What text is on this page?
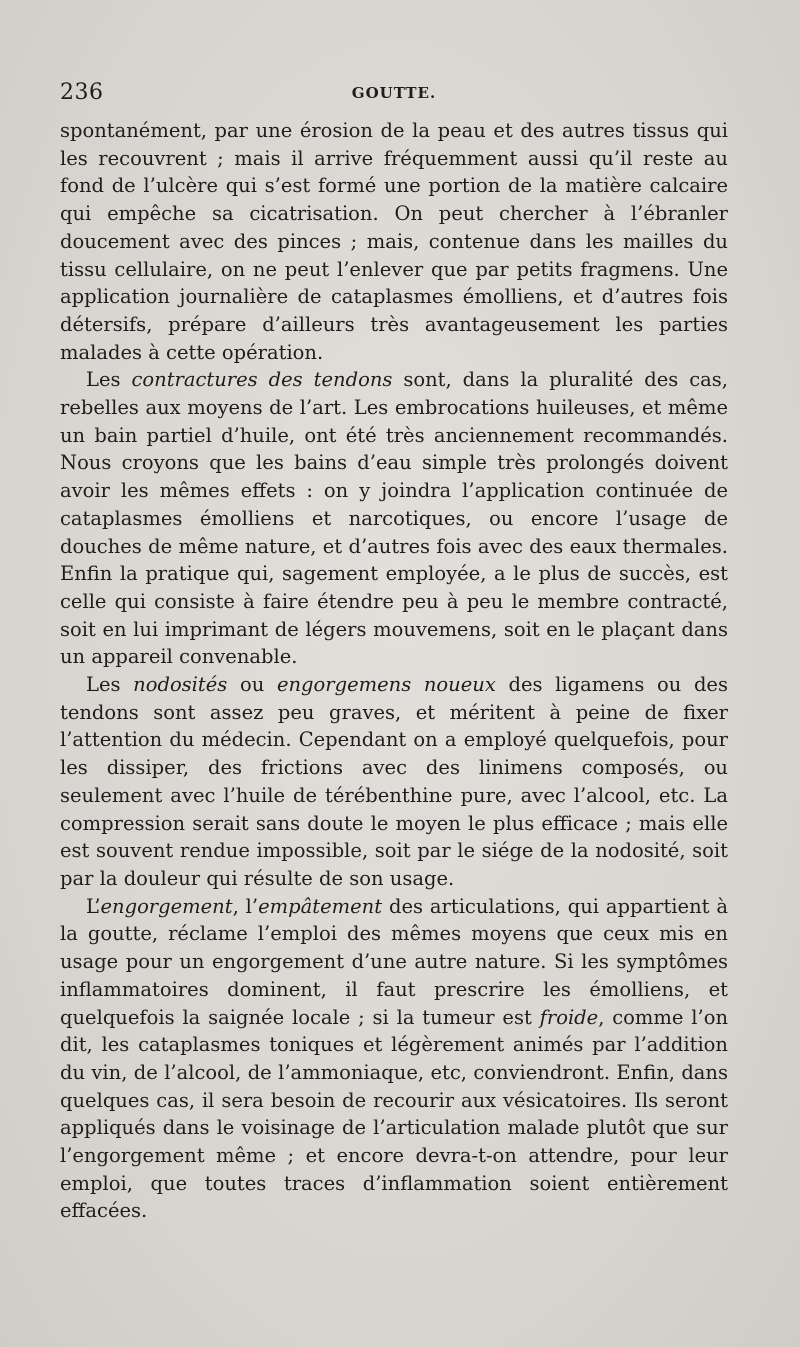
236	GOUTTE.

spontanément, par une érosion de la peau et des autres tissus qui les recouvrent ; mais il arrive fréquemment aussi qu’il reste au fond de l’ulcère qui s’est formé une portion de la matière calcaire qui empêche sa cicatrisation. On peut chercher à l’ébranler doucement avec des pinces ; mais, contenue dans les mailles du tissu cellulaire, on ne peut l’enlever que par petits fragmens. Une application journalière de cataplasmes émolliens, et d’autres fois détersifs, prépare d’ailleurs très avantageusement les parties malades à cette opération.

Les contractures des tendons sont, dans la pluralité des cas, rebelles aux moyens de l’art. Les embrocations huileuses, et même un bain partiel d’huile, ont été très anciennement recommandés. Nous croyons que les bains d’eau simple très prolongés doivent avoir les mêmes effets : on y joindra l’application continuée de cataplasmes émolliens et narcotiques, ou encore l’usage de douches de même nature, et d’autres fois avec des eaux thermales. Enfin la pratique qui, sagement employée, a le plus de succès, est celle qui consiste à faire étendre peu à peu le membre contracté, soit en lui imprimant de légers mouvemens, soit en le plaçant dans un appareil convenable.

Les nodosités ou engorgemens noueux des ligamens ou des tendons sont assez peu graves, et méritent à peine de fixer l’attention du médecin. Cependant on a employé quelquefois, pour les dissiper, des frictions avec des linimens composés, ou seulement avec l’huile de térébenthine pure, avec l’alcool, etc. La compression serait sans doute le moyen le plus efficace ; mais elle est souvent rendue impossible, soit par le siége de la nodosité, soit par la douleur qui résulte de son usage.

L’engorgement, l’empâtement des articulations, qui appartient à la goutte, réclame l’emploi des mêmes moyens que ceux mis en usage pour un engorgement d’une autre nature. Si les symptômes inflammatoires dominent, il faut prescrire les émolliens, et quelquefois la saignée locale ; si la tumeur est froide, comme l’on dit, les cataplasmes toniques et légèrement animés par l’addition du vin, de l’alcool, de l’ammoniaque, etc, conviendront. Enfin, dans quelques cas, il sera besoin de recourir aux vésicatoires. Ils seront appliqués dans le voisinage de l’articulation malade plutôt que sur l’engorgement même ; et encore devra-t-on attendre, pour leur emploi, que toutes traces d’inflammation soient entièrement effacées.
